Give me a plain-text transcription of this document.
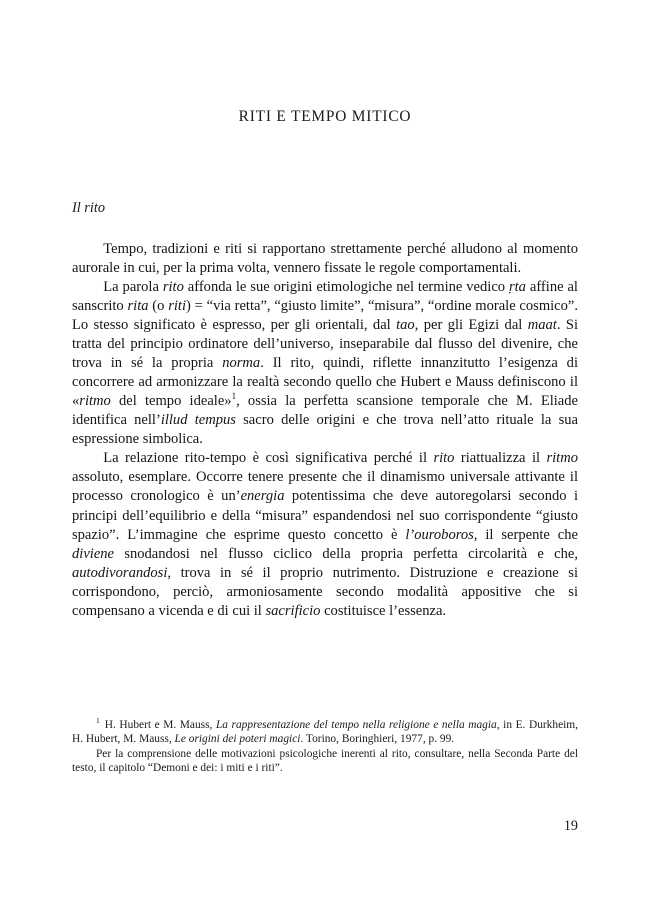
RITI E TEMPO MITICO
Il rito

Tempo, tradizioni e riti si rapportano strettamente perché alludono al momento aurorale in cui, per la prima volta, vennero fissate le regole comportamentali.

La parola rito affonda le sue origini etimologiche nel termine vedico ṛta affine al sanscrito rita (o riti) = “via retta”, “giusto limite”, “misura”, “ordine morale cosmico”. Lo stesso significato è espresso, per gli orientali, dal tao, per gli Egizi dal maat. Si tratta del principio ordinatore dell’universo, inseparabile dal flusso del divenire, che trova in sé la propria norma. Il rito, quindi, riflette innanzitutto l’esigenza di concorrere ad armonizzare la realtà secondo quello che Hubert e Mauss definiscono il «ritmo del tempo ideale»$^1$, ossia la perfetta scansione temporale che M. Eliade identifica nell’illud tempus sacro delle origini e che trova nell’atto rituale la sua espressione simbolica.

La relazione rito-tempo è così significativa perché il rito riattualizza il ritmo assoluto, esemplare. Occorre tenere presente che il dinamismo universale attivante il processo cronologico è un’energia potentissima che deve autoregolarsi secondo i principi dell’equilibrio e della “misura” espandendosi nel suo corrispondente “giusto spazio”. L’immagine che esprime questo concetto è l’ouroboros, il serpente che diviene snodandosi nel flusso ciclico della propria perfetta circolarità e che, autodivorandosi, trova in sé il proprio nutrimento. Distruzione e creazione si corrispondono, perciò, armoniosamente secondo modalità appositive che si compensano a vicenda e di cui il sacrificio costituisce l’essenza.

$^1$ H. Hubert e M. Mauss, La rappresentazione del tempo nella religione e nella magia, in E. Durkheim, H. Hubert, M. Mauss, Le origini dei poteri magici. Torino, Boringhieri, 1977, p. 99.

Per la comprensione delle motivazioni psicologiche inerenti al rito, consultare, nella Seconda Parte del testo, il capitolo “Demoni e dei: i miti e i riti”.

19
